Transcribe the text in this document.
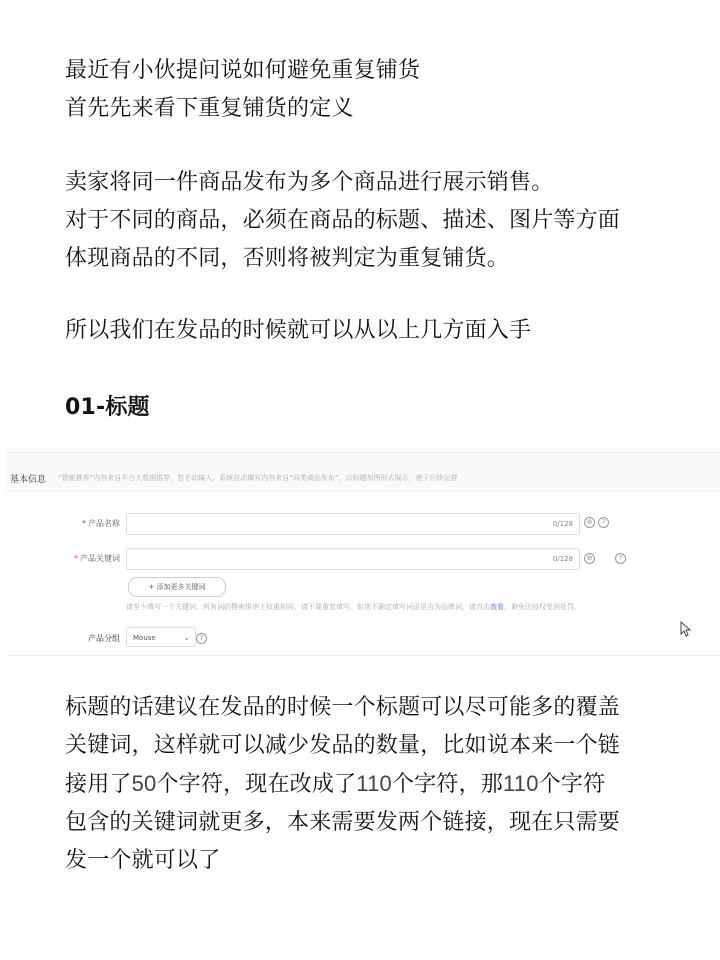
最近有小伙提问说如何避免重复铺货
首先先来看下重复铺货的定义
卖家将同一件商品发布为多个商品进行展示销售。
对于不同的商品，必须在商品的标题、描述、图片等方面
体现商品的不同，否则将被判定为重复铺货。
所以我们在发品的时候就可以从以上几方面入手
01-标题
基本信息 “智能推荐”内容来自平台大数据推荐，若手动输入，系统自动填写内容来自“同类商品发布”，以标题加图形式展示，便于后续运营
* 产品名称	0/128	⊕	?
* 产品关键词	0/128	⊕	?
+ 添加更多关键词
请至少填写一个关键词，所有词的搜索排序上权重相同，请不要重复填写。如您不确定填写词语是否为品牌词，请点击查看，避免因侵权受到处罚。
产品分组	Mouse	⌄	?
标题的话建议在发品的时候一个标题可以尽可能多的覆盖
关键词，这样就可以减少发品的数量，比如说本来一个链
接用了50个字符，现在改成了110个字符，那110个字符
包含的关键词就更多，本来需要发两个链接，现在只需要
发一个就可以了
